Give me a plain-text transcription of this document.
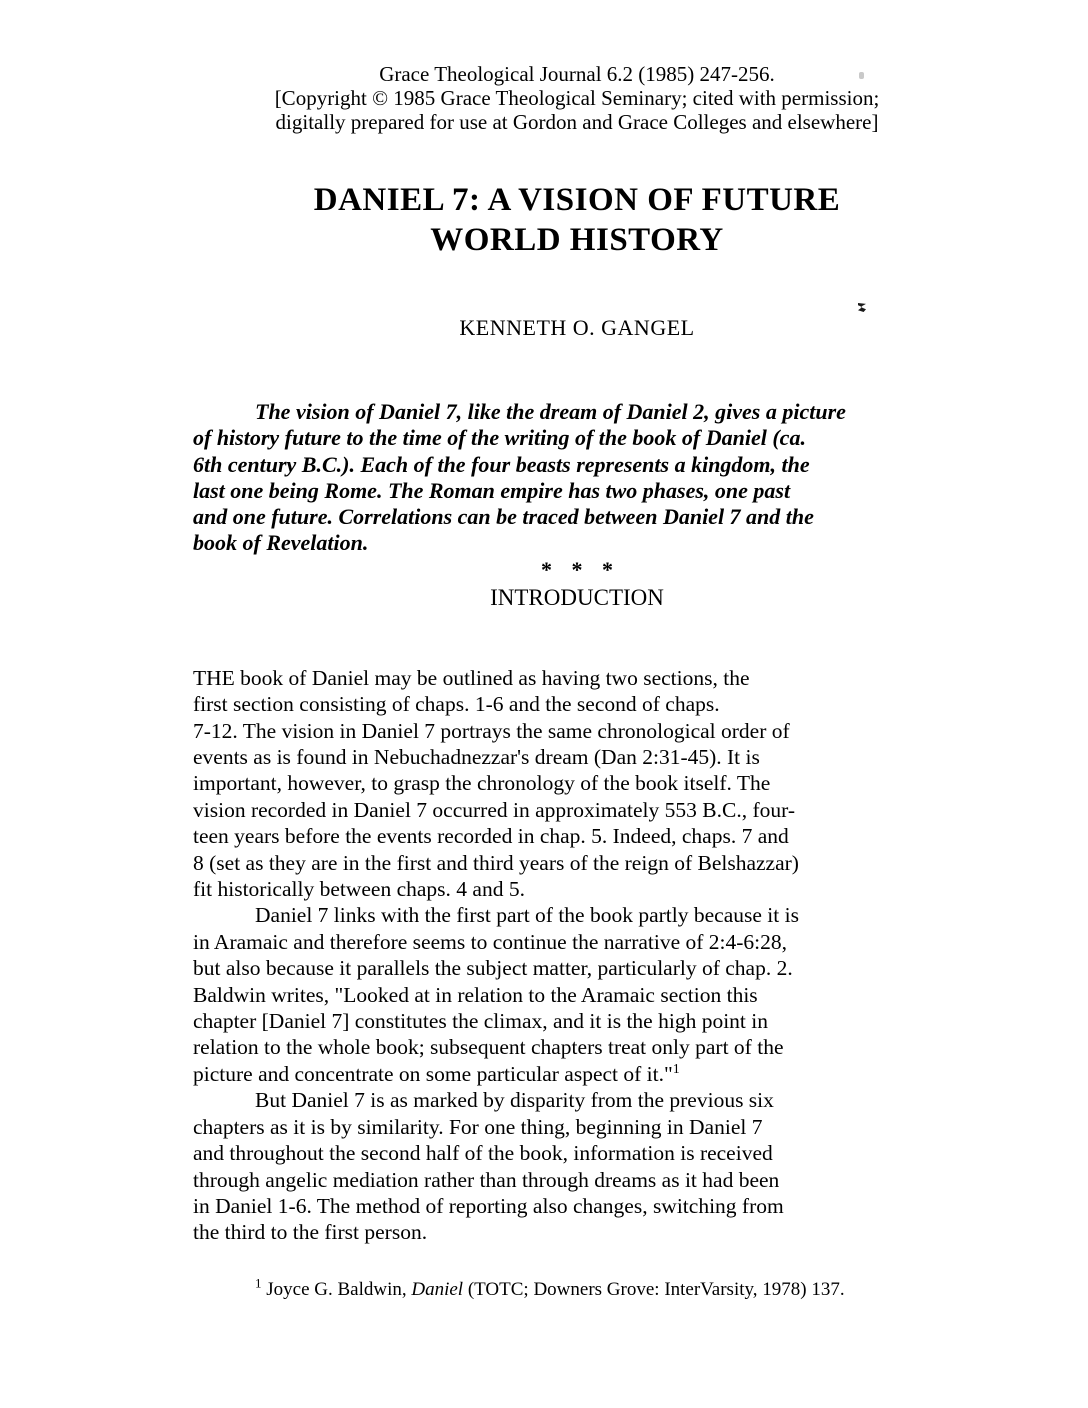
Grace Theological Journal 6.2 (1985) 247-256.
[Copyright © 1985 Grace Theological Seminary; cited with permission;
digitally prepared for use at Gordon and Grace Colleges and elsewhere]
DANIEL 7: A VISION OF FUTURE
WORLD HISTORY
KENNETH O. GANGEL
The vision of Daniel 7, like the dream of Daniel 2, gives a picture
of history future to the time of the writing of the book of Daniel (ca.
6th century B.C.). Each of the four beasts represents a kingdom, the
last one being Rome. The Roman empire has two phases, one past
and one future. Correlations can be traced between Daniel 7 and the
book of Revelation.
* * *
INTRODUCTION
THE book of Daniel may be outlined as having two sections, the
first section consisting of chaps. 1-6 and the second of chaps.
7-12. The vision in Daniel 7 portrays the same chronological order of
events as is found in Nebuchadnezzar's dream (Dan 2:31-45). It is
important, however, to grasp the chronology of the book itself. The
vision recorded in Daniel 7 occurred in approximately 553 B.C., four-
teen years before the events recorded in chap. 5. Indeed, chaps. 7 and
8 (set as they are in the first and third years of the reign of Belshazzar)
fit historically between chaps. 4 and 5.
Daniel 7 links with the first part of the book partly because it is
in Aramaic and therefore seems to continue the narrative of 2:4-6:28,
but also because it parallels the subject matter, particularly of chap. 2.
Baldwin writes, "Looked at in relation to the Aramaic section this
chapter [Daniel 7] constitutes the climax, and it is the high point in
relation to the whole book; subsequent chapters treat only part of the
picture and concentrate on some particular aspect of it."$^1$
But Daniel 7 is as marked by disparity from the previous six
chapters as it is by similarity. For one thing, beginning in Daniel 7
and throughout the second half of the book, information is received
through angelic mediation rather than through dreams as it had been
in Daniel 1-6. The method of reporting also changes, switching from
the third to the first person.
$^1$ Joyce G. Baldwin, Daniel (TOTC; Downers Grove: InterVarsity, 1978) 137.
